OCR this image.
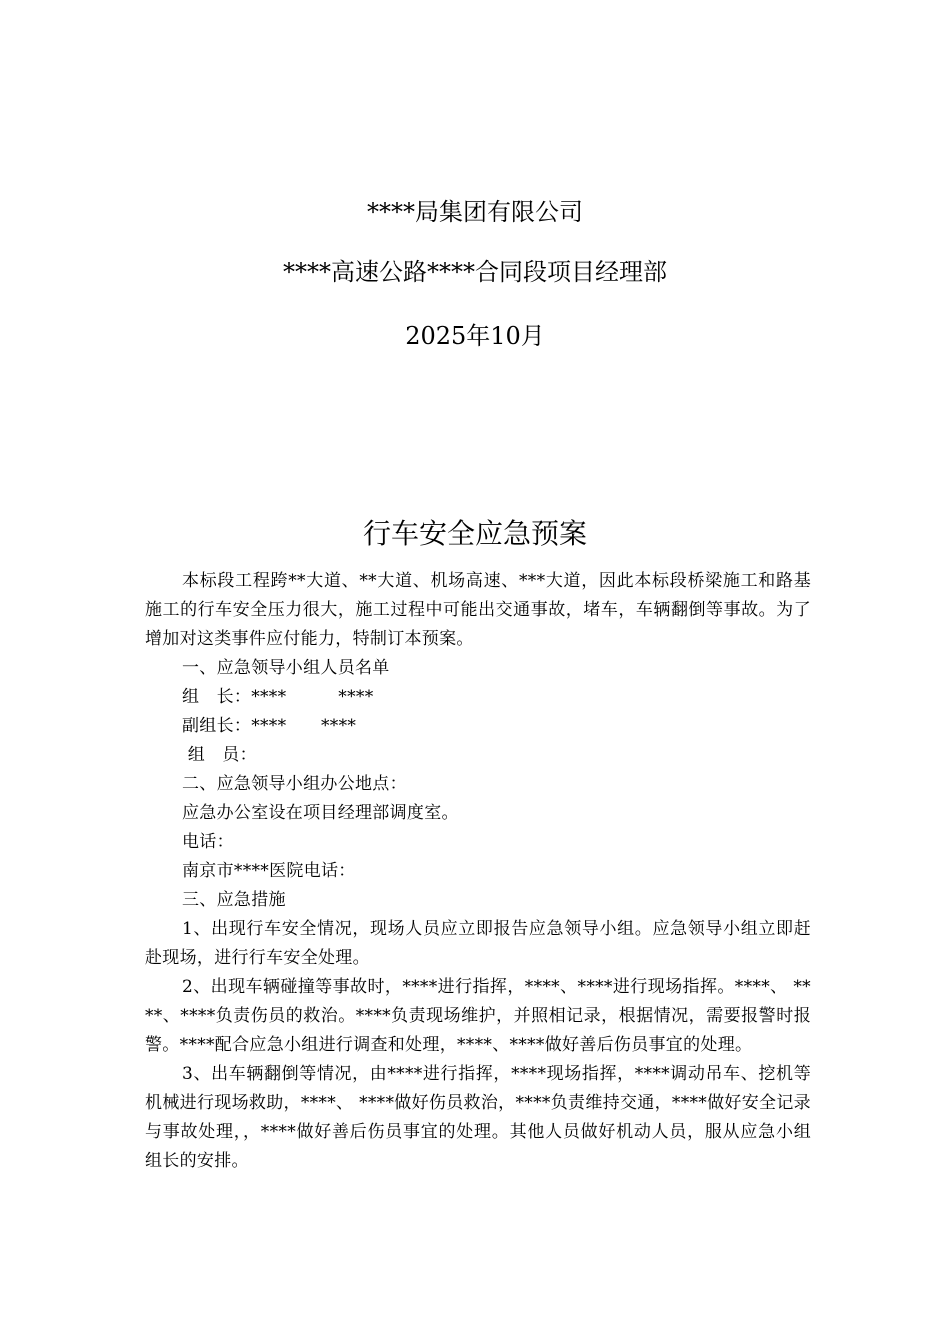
****局集团有限公司
****高速公路****合同段项目经理部
2025年10月
行车安全应急预案

本标段工程跨**大道、**大道、机场高速、***大道，因此本标段桥梁施工和路基施工的行车安全压力很大，施工过程中可能出交通事故，堵车，车辆翻倒等事故。为了增加对这类事件应付能力，特制订本预案。

一、应急领导小组人员名单

组　长：****　　　****

副组长：****　　****

组　员：

二、应急领导小组办公地点：

应急办公室设在项目经理部调度室。

电话：

南京市****医院电话：

三、应急措施

1、出现行车安全情况，现场人员应立即报告应急领导小组。应急领导小组立即赶赴现场，进行行车安全处理。

2、出现车辆碰撞等事故时，****进行指挥，****、****进行现场指挥。****、 ****、****负责伤员的救治。****负责现场维护，并照相记录，根据情况，需要报警时报警。****配合应急小组进行调查和处理，****、****做好善后伤员事宜的处理。

3、出车辆翻倒等情况，由****进行指挥，****现场指挥，****调动吊车、挖机等机械进行现场救助，****、 ****做好伤员救治，****负责维持交通，****做好安全记录与事故处理，，****做好善后伤员事宜的处理。其他人员做好机动人员，服从应急小组组长的安排。
